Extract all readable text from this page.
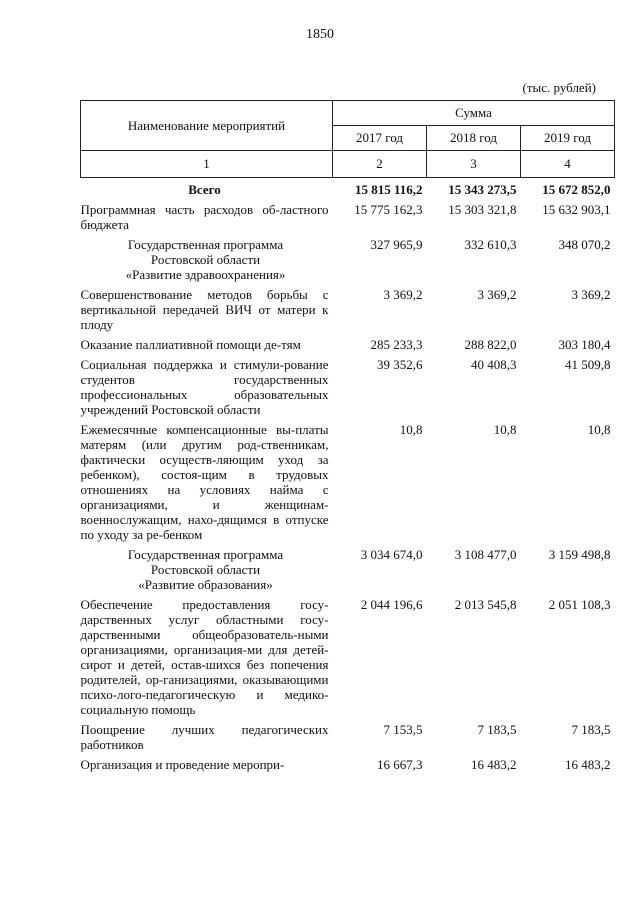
1850
(тыс. рублей)
Наименование мероприятий	Сумма		
	2017 год	2018 год	2019 год
1	2	3	4
Всего	15 815 116,2	15 343 273,5	15 672 852,0
Программная часть расходов об-ластного бюджета	15 775 162,3	15 303 321,8	15 632 903,1

Государственная программа
Ростовской области
«Развитие здравоохранения»	327 965,9	332 610,3	348 070,2
Совершенствование методов борьбы с вертикальной передачей ВИЧ от матери к плоду	3 369,2	3 369,2	3 369,2
Оказание паллиативной помощи де-тям	285 233,3	288 822,0	303 180,4
Социальная поддержка и стимули-рование студентов государственных профессиональных образовательных учреждений Ростовской области	39 352,6	40 408,3	41 509,8
Ежемесячные компенсационные вы-платы матерям (или другим род-ственникам, фактически осуществ-ляющим уход за ребенком), состоя-щим в трудовых отношениях на условиях найма с организациями, и женщинам-военнослужащим, нахо-дящимся в отпуске по уходу за ре-бенком	10,8	10,8	10,8

Государственная программа
Ростовской области
«Развитие образования»	3 034 674,0	3 108 477,0	3 159 498,8
Обеспечение предоставления госу-дарственных услуг областными госу-дарственными общеобразователь-ными организациями, организация-ми для детей-сирот и детей, остав-шихся без попечения родителей, ор-ганизациями, оказывающими психо-лого-педагогическую и медико-социальную помощь	2 044 196,6	2 013 545,8	2 051 108,3
Поощрение лучших педагогических работников	7 153,5	7 183,5	7 183,5
Организация и проведение меропри-	16 667,3	16 483,2	16 483,2
